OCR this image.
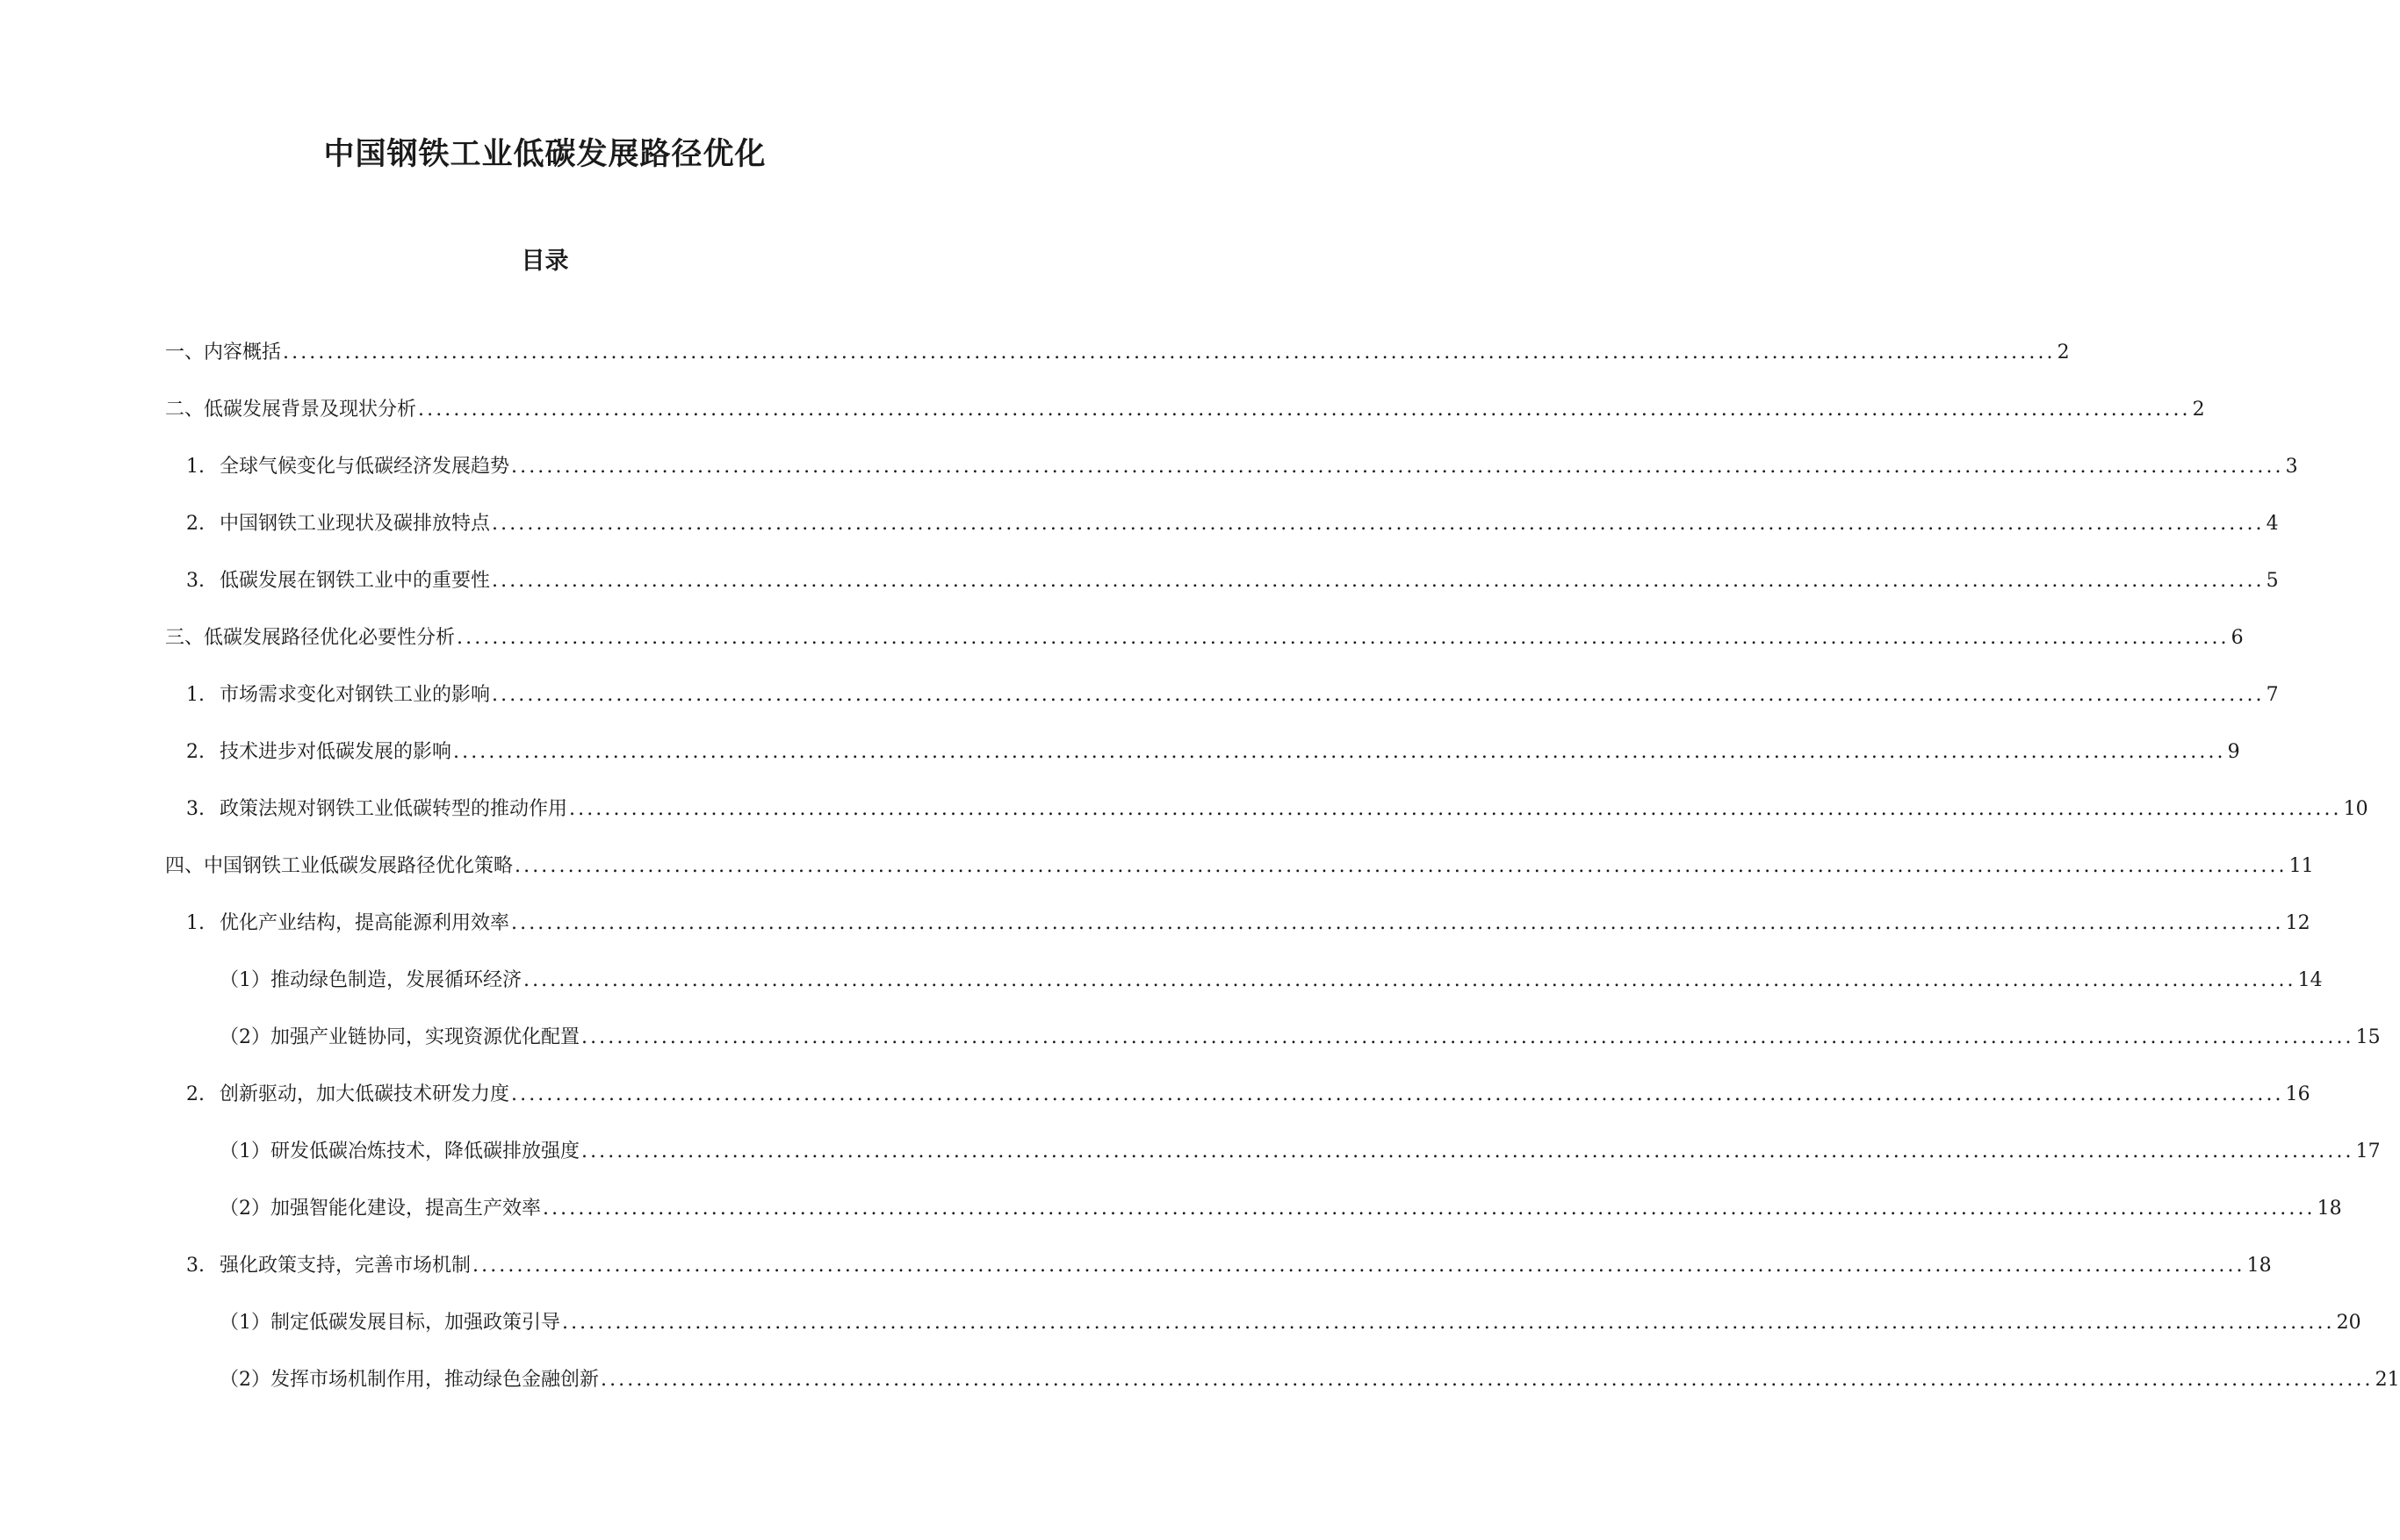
中国钢铁工业低碳发展路径优化
目录
一、内容概括 ........................................................................................................................................................................................................ 2
二、低碳发展背景及现状分析 ........................................................................................................................................................................................................ 2
1. 全球气候变化与低碳经济发展趋势 ........................................................................................................................................................................................................ 3
2. 中国钢铁工业现状及碳排放特点 ........................................................................................................................................................................................................ 4
3. 低碳发展在钢铁工业中的重要性 ........................................................................................................................................................................................................ 5
三、低碳发展路径优化必要性分析 ........................................................................................................................................................................................................ 6
1. 市场需求变化对钢铁工业的影响 ........................................................................................................................................................................................................ 7
2. 技术进步对低碳发展的影响 ........................................................................................................................................................................................................ 9
3. 政策法规对钢铁工业低碳转型的推动作用 ........................................................................................................................................................................................................ 10
四、中国钢铁工业低碳发展路径优化策略 ........................................................................................................................................................................................................ 11
1. 优化产业结构，提高能源利用效率 ........................................................................................................................................................................................................ 12
（1）推动绿色制造，发展循环经济 ........................................................................................................................................................................................................ 14
（2）加强产业链协同，实现资源优化配置 ........................................................................................................................................................................................................ 15
2. 创新驱动，加大低碳技术研发力度 ........................................................................................................................................................................................................ 16
（1）研发低碳冶炼技术，降低碳排放强度 ........................................................................................................................................................................................................ 17
（2）加强智能化建设，提高生产效率 ........................................................................................................................................................................................................ 18
3. 强化政策支持，完善市场机制 ........................................................................................................................................................................................................ 18
（1）制定低碳发展目标，加强政策引导 ........................................................................................................................................................................................................ 20
（2）发挥市场机制作用，推动绿色金融创新 ........................................................................................................................................................................................................ 21
